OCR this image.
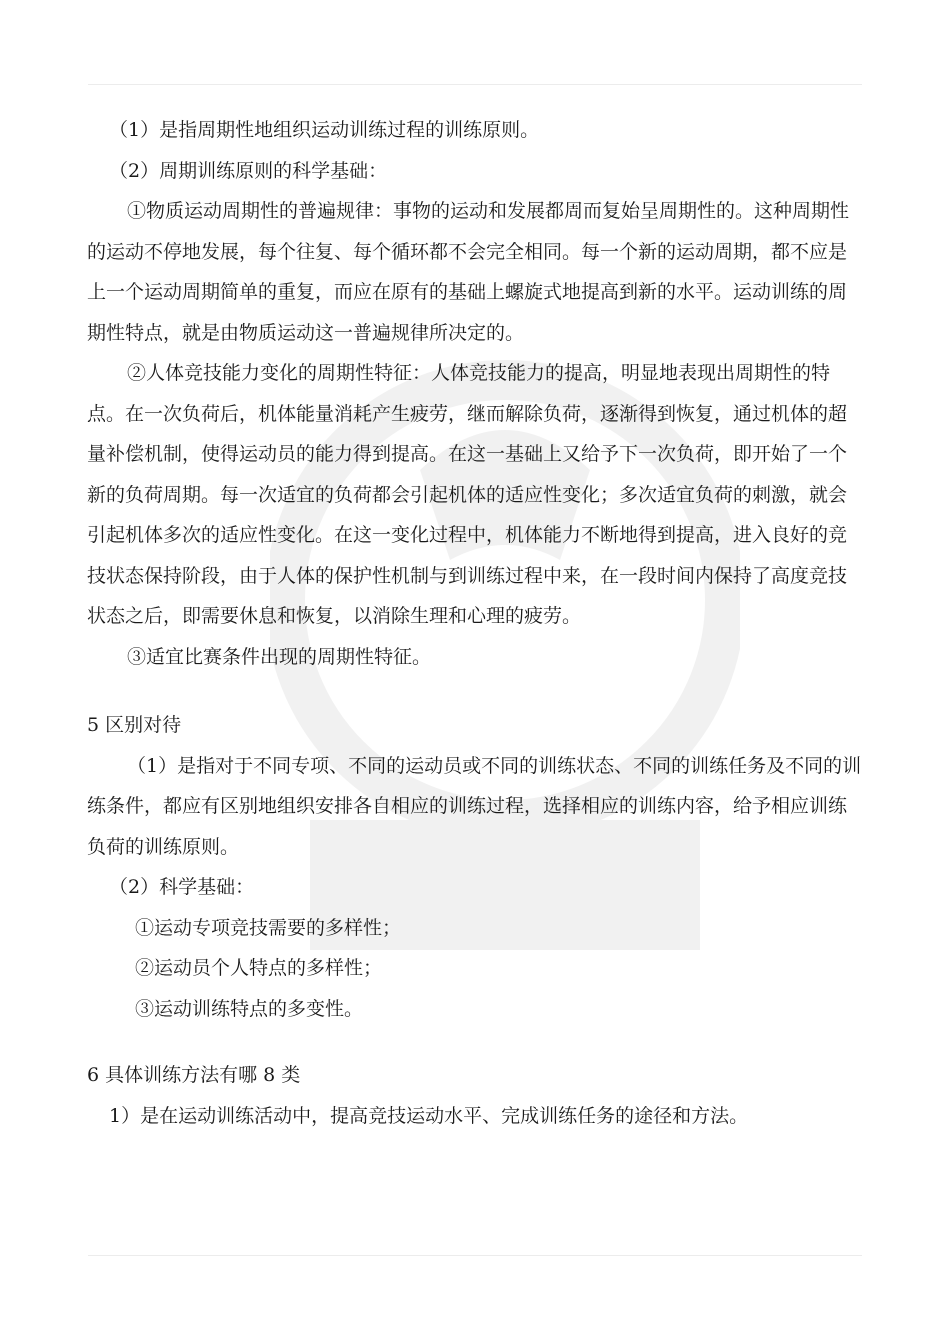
（1）是指周期性地组织运动训练过程的训练原则。

（2）周期训练原则的科学基础：

①物质运动周期性的普遍规律：事物的运动和发展都周而复始呈周期性的。这种周期性的运动不停地发展，每个往复、每个循环都不会完全相同。每一个新的运动周期，都不应是上一个运动周期简单的重复，而应在原有的基础上螺旋式地提高到新的水平。运动训练的周期性特点，就是由物质运动这一普遍规律所决定的。

②人体竞技能力变化的周期性特征：人体竞技能力的提高，明显地表现出周期性的特点。在一次负荷后，机体能量消耗产生疲劳，继而解除负荷，逐渐得到恢复，通过机体的超量补偿机制，使得运动员的能力得到提高。在这一基础上又给予下一次负荷，即开始了一个新的负荷周期。每一次适宜的负荷都会引起机体的适应性变化；多次适宜负荷的刺激，就会引起机体多次的适应性变化。在这一变化过程中，机体能力不断地得到提高，进入良好的竞技状态保持阶段，由于人体的保护性机制与到训练过程中来，在一段时间内保持了高度竞技状态之后，即需要休息和恢复，以消除生理和心理的疲劳。

③适宜比赛条件出现的周期性特征。

5 区别对待

（1）是指对于不同专项、不同的运动员或不同的训练状态、不同的训练任务及不同的训练条件，都应有区别地组织安排各自相应的训练过程，选择相应的训练内容，给予相应训练负荷的训练原则。

（2）科学基础：

①运动专项竞技需要的多样性；

②运动员个人特点的多样性；

③运动训练特点的多变性。

6 具体训练方法有哪 8 类

1）是在运动训练活动中，提高竞技运动水平、完成训练任务的途径和方法。
